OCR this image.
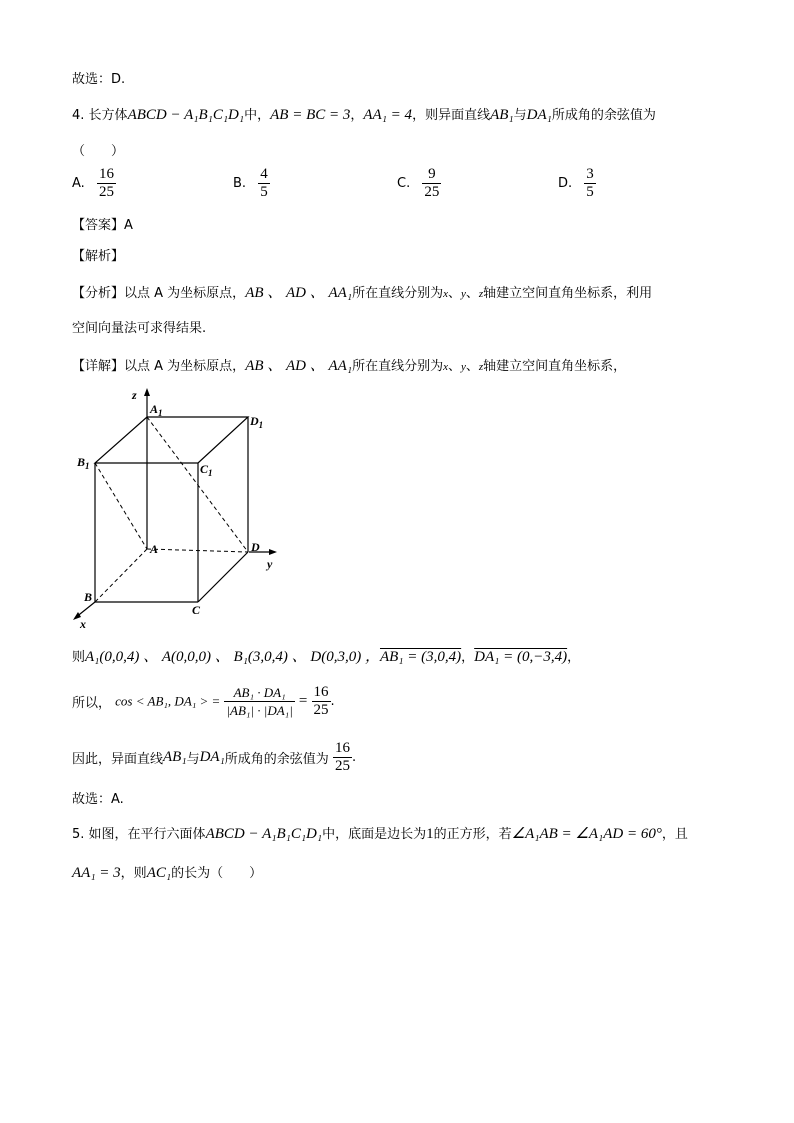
故选：D.
4. 长方体ABCD − A₁B₁C₁D₁中，AB = BC = 3，AA₁ = 4，则异面直线AB₁与DA₁所成角的余弦值为
（　　）
A. $\frac{16}{25}$	B. $\frac{4}{5}$	C. $\frac{9}{25}$	D. $\frac{3}{5}$
【答案】A
【解析】
【分析】以点 A 为坐标原点，AB 、 AD 、 AA₁所在直线分别为x、y、z轴建立空间直角坐标系，利用
空间向量法可求得结果.
【详解】以点 A 为坐标原点，AB 、 AD 、 AA₁所在直线分别为x、y、z轴建立空间直角坐标系，
z
$A_1$
$D_1$
$B_1$	$C_1$
A	D
y
B
C
x
则A₁(0,0,4) 、 A(0,0,0) 、 B₁(3,0,4) 、 D(0,3,0) ，AB₁ = (3,0,4)，DA₁ = (0,−3,4)，
所以， cos < AB₁, DA₁ > = $\frac{\text{AB₁ · DA₁}}{\text{|AB₁| · |DA₁|}} = \frac{16}{25}$ .
因此，异面直线AB₁与DA₁所成角的余弦值为 $\frac{16}{25}$ .
故选：A.
5. 如图，在平行六面体ABCD − A₁B₁C₁D₁中，底面是边长为1的正方形，若∠A₁AB = ∠A₁AD = 60°，且
AA₁ = 3，则AC₁的长为（　　）
